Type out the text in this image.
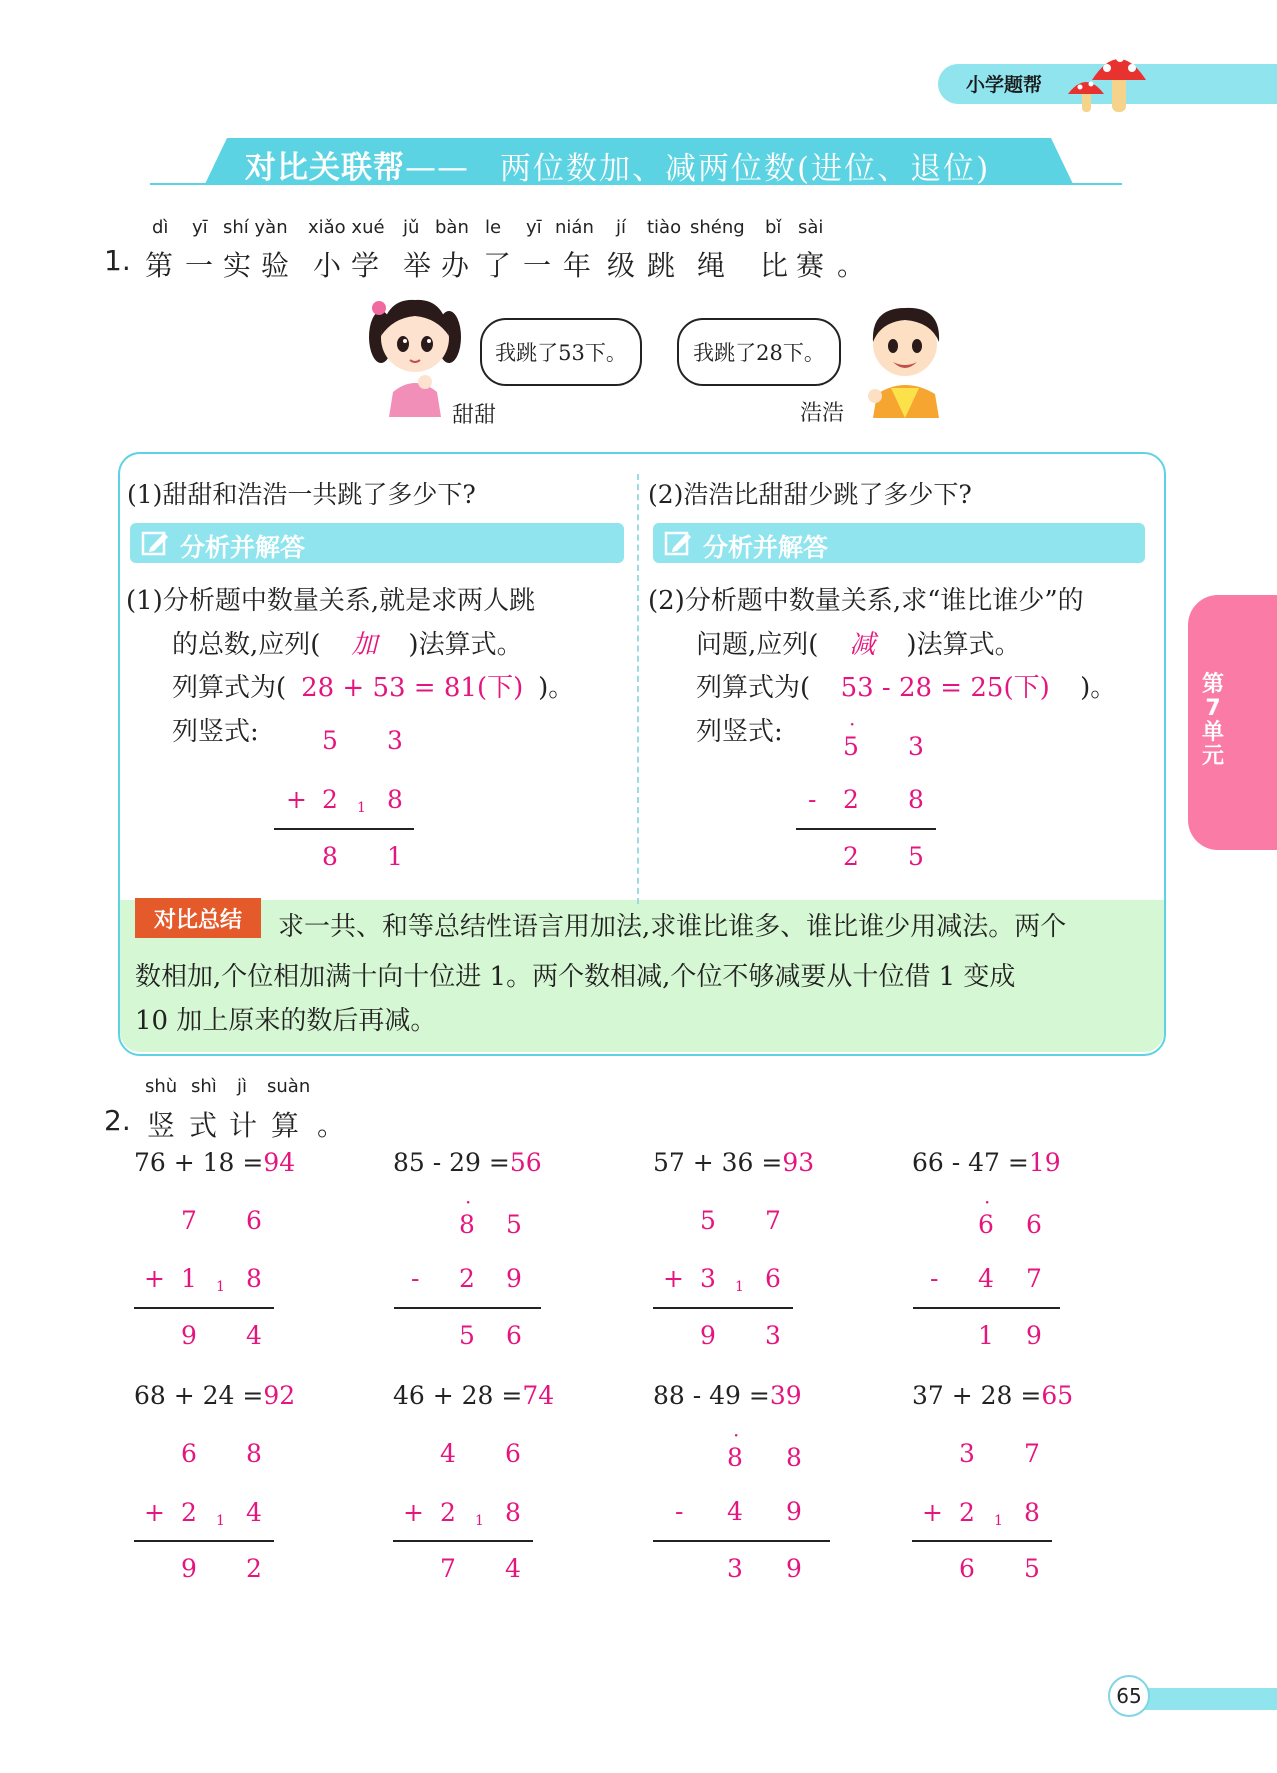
小学题帮
对比关联帮—— 两位数加、减两位数(进位、退位)
dì yī shí yàn xiǎo xué jǔ bàn le yī nián jí tiào shéng bǐ sài
1. 第 一 实验 小学 举 办 了 一 年 级 跳 绳 比赛 。
我跳了53下。
甜甜
我跳了28下。
浩浩
(1)甜甜和浩浩一共跳了多少下?
分析并解答
(1)分析题中数量关系,就是求两人跳
的总数,应列( 加 )法算式。
列算式为( 28 + 53 = 81(下) )。
列竖式:	5 3
+ 2 1 8
8 1
(2)浩浩比甜甜少跳了多少下?
分析并解答
(2)分析题中数量关系,求“谁比谁少”的
问题,应列( 减 )法算式。
列算式为( 53 - 28 = 25(下) )。
列竖式:	·
5 3
- 2 8
2 5
对比总结	求一共、和等总结性语言用加法,求谁比谁多、谁比谁少用减法。两个
数相加,个位相加满十向十位进 1。两个数相减,个位不够减要从十位借 1 变成
10 加上原来的数后再减。
shù shì jì suàn
2. 竖 式 计 算 。
76 + 18 =94
7 6
+ 1 1 8
9 4
85 - 29 =56
·
8 5
- 2 9
5 6
57 + 36 =93
5 7
+ 3 1 6
9 3
66 - 47 =19
·
6 6
- 4 7
1 9
68 + 24 =92
6 8
+ 2 1 4
9 2
46 + 28 =74
4 6
+ 2 1 8
7 4
88 - 49 =39
·
8 8
- 4 9
3 9
37 + 28 =65
3 7
+ 2 1 8
6 5
第7单元
65
